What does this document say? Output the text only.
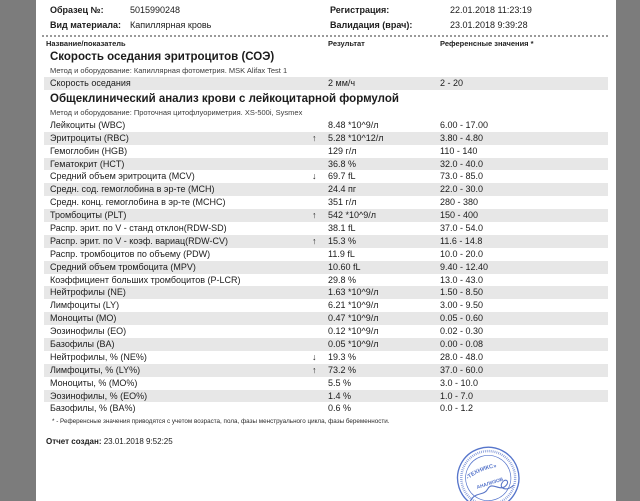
Образец №:	5015990248
Вид материала: Капиллярная кровь
Регистрация:	22.01.2018 11:23:19
Валидация (врач):	23.01.2018 9:39:28
Название/показатель	Результат	Референсные значения *
Скорость оседания эритроцитов (СОЭ)
Метод и оборудование: Капиллярная фотометрия. MSK Alifax Test 1
Скорость оседания	2 мм/ч	2 - 20
Общеклинический анализ крови с лейкоцитарной формулой
Метод и оборудование: Проточная цитофлуориметрия. XS-500i, Sysmex
Лейкоциты (WBC)	8.48 *10^9/л	6.00 - 17.00
Эритроциты (RBC)	↑	5.28 *10^12/л	3.80 - 4.80
Гемоглобин (HGB)	129 г/л	110 - 140
Гематокрит (HCT)	36.8 %	32.0 - 40.0
Средний объем эритроцита (MCV)	↓	69.7 fL	73.0 - 85.0
Средн. сод. гемоглобина в эр-те (MCH)	24.4 пг	22.0 - 30.0
Средн. конц. гемоглобина в эр-те (MCHC)	351 г/л	280 - 380
Тромбоциты (PLT)	↑	542 *10^9/л	150 - 400
Распр. эрит. по V - станд отклон(RDW-SD)	38.1 fL	37.0 - 54.0
Распр. эрит. по V - коэф. вариац(RDW-CV)	↑	15.3 %	11.6 - 14.8
Распр. тромбоцитов по объему (PDW)	11.9 fL	10.0 - 20.0
Средний объем тромбоцита (MPV)	10.60 fL	9.40 - 12.40
Коэффициент больших тромбоцитов (P-LCR)	29.8 %	13.0 - 43.0
Нейтрофилы (NE)	1.63 *10^9/л	1.50 - 8.50
Лимфоциты (LY)	6.21 *10^9/л	3.00 - 9.50
Моноциты (MO)	0.47 *10^9/л	0.05 - 0.60
Эозинофилы (EO)	0.12 *10^9/л	0.02 - 0.30
Базофилы (BA)	0.05 *10^9/л	0.00 - 0.08
Нейтрофилы, % (NE%)	↓	19.3 %	28.0 - 48.0
Лимфоциты, % (LY%)	↑	73.2 %	37.0 - 60.0
Моноциты, % (MO%)	5.5 %	3.0 - 10.0
Эозинофилы, % (EO%)	1.4 %	1.0 - 7.0
Базофилы, % (BA%)	0.6 %	0.0 - 1.2
* - Референсные значения приводятся с учетом возраста, пола, фазы менструального цикла, фазы беременности.
Отчет создан: 23.01.2018 9:52:25
-ТЕХНИКС»
АНАЛИЗОВ
